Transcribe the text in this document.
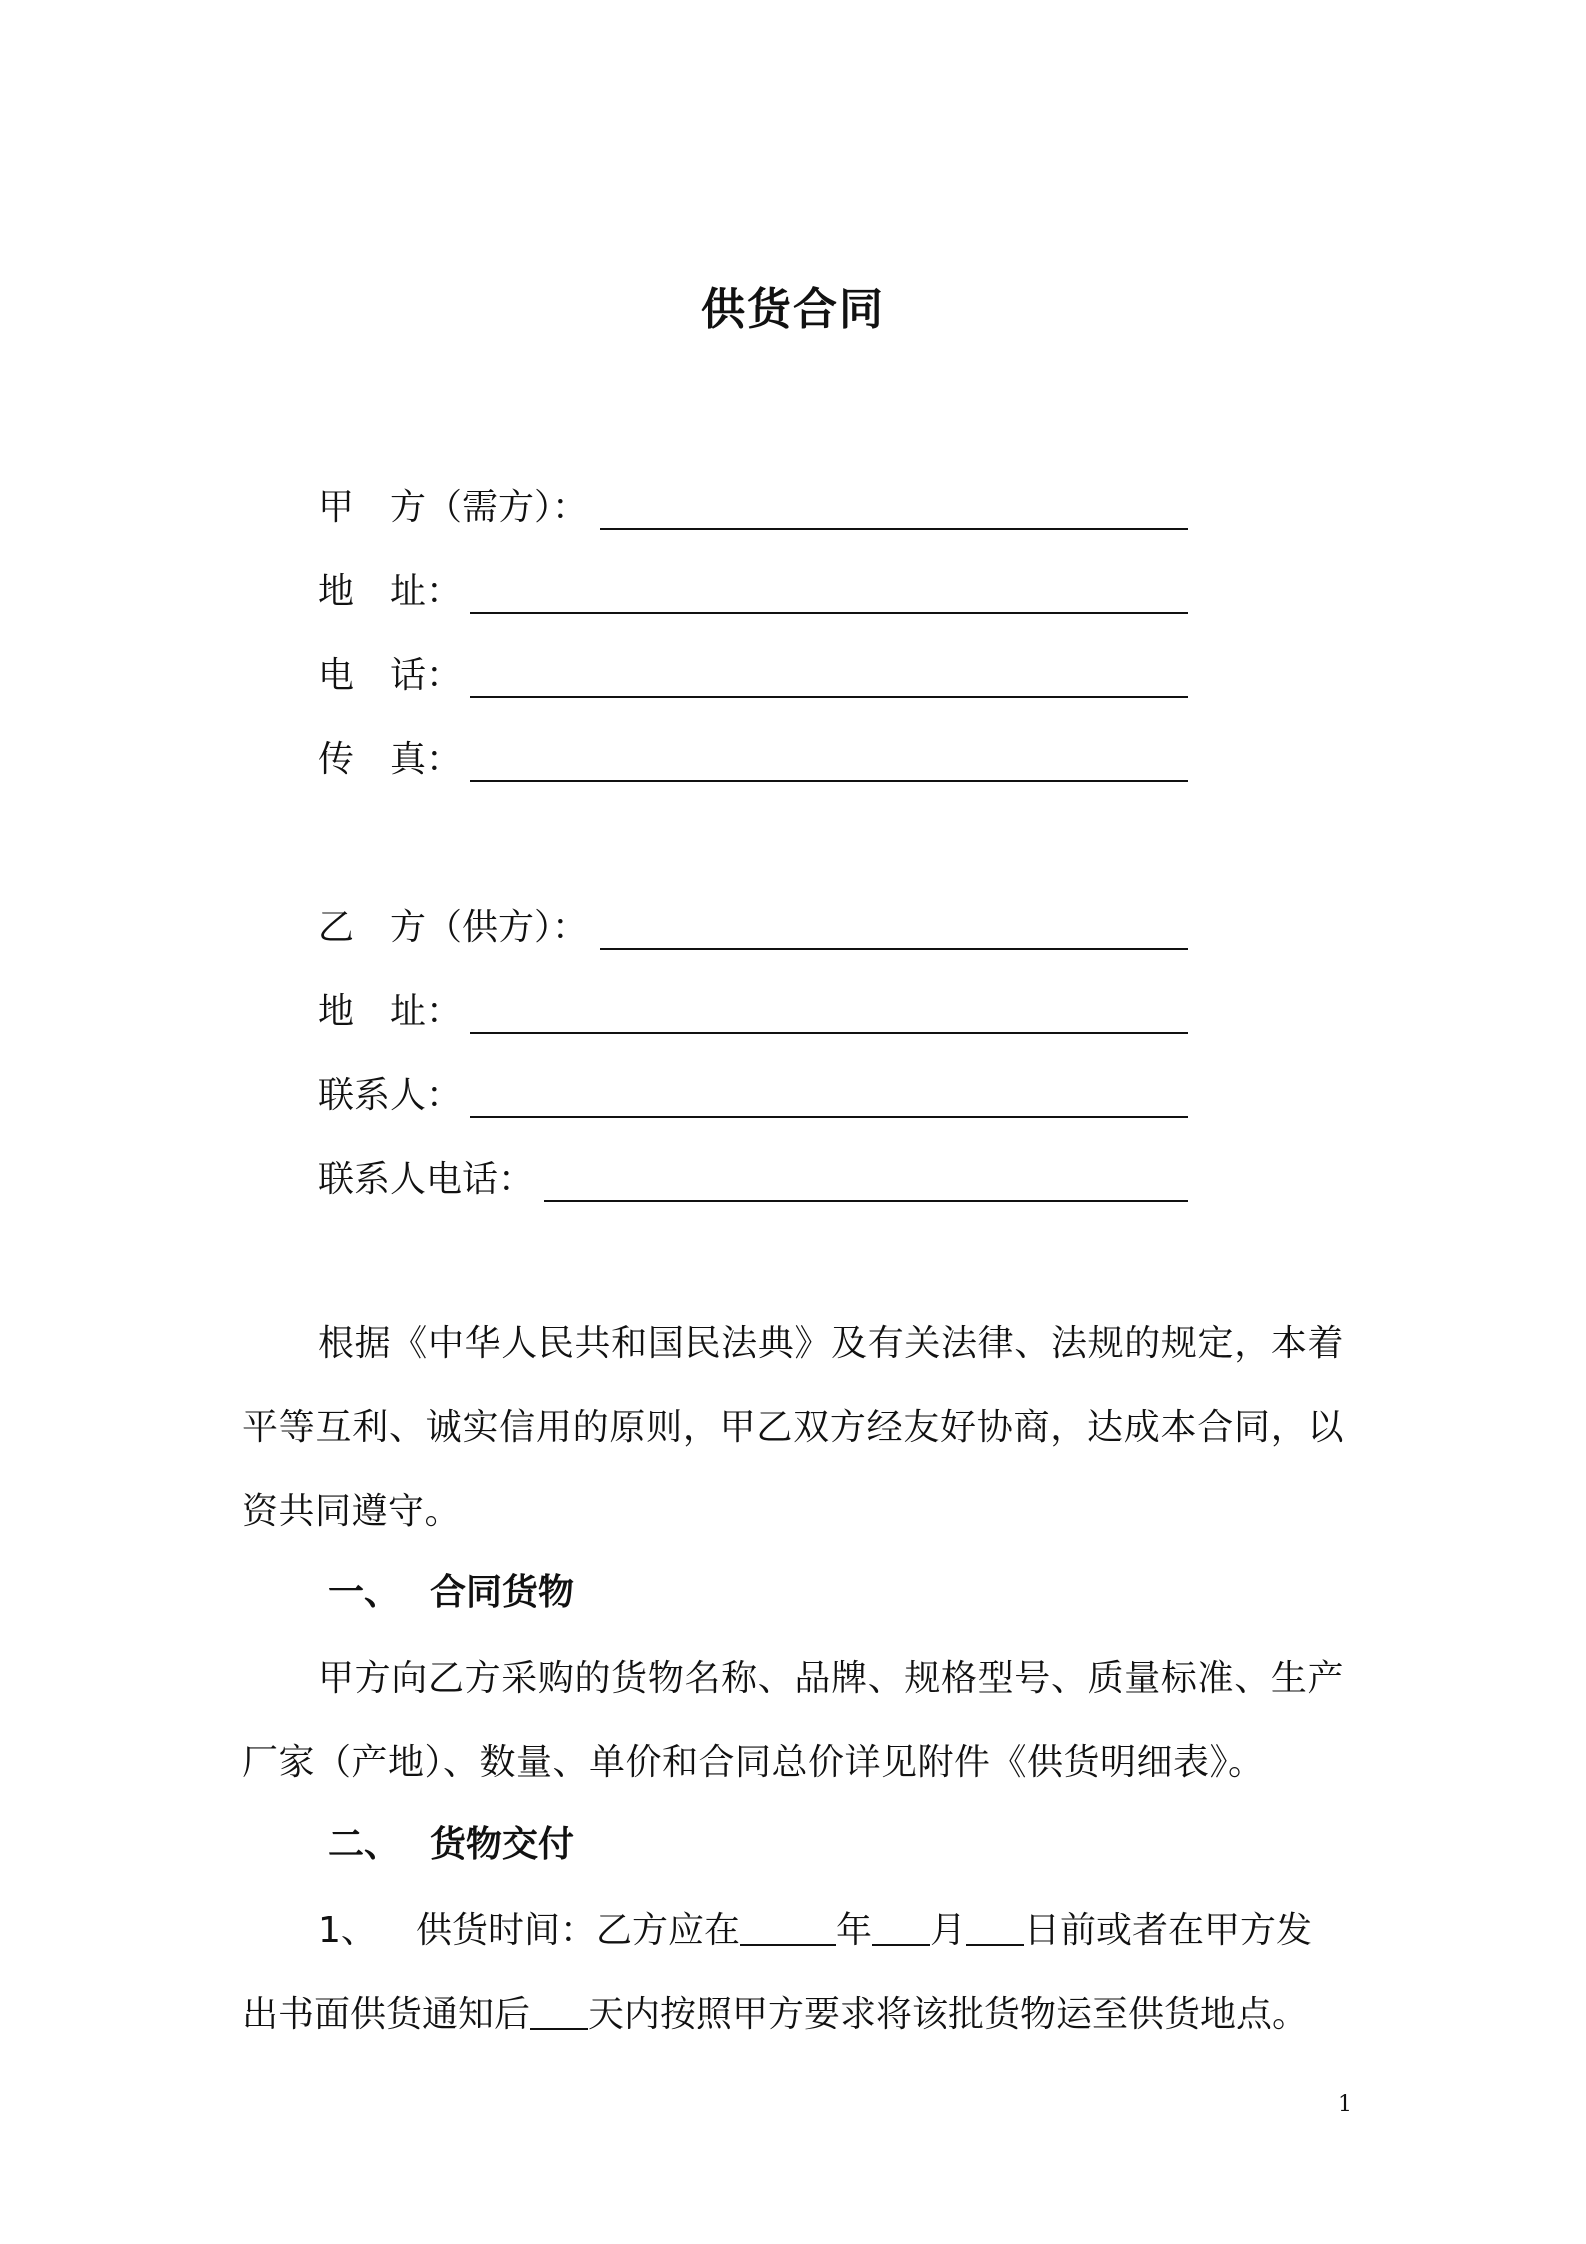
供货合同
甲　方（需方）：
地　址：
电　话：
传　真：
乙　方（供方）：
地　址：
联系人：
联系人电话：

根据《中华人民共和国民法典》及有关法律、法规的规定，本着平等互利、诚实信用的原则，甲乙双方经友好协商，达成本合同，以资共同遵守。

一、 合同货物

甲方向乙方采购的货物名称、品牌、规格型号、质量标准、生产厂家（产地）、数量、单价和合同总价详见附件《供货明细表》。

二、 货物交付

1、 供货时间：乙方应在	年 月 日前或者在甲方发出书面供货通知后 天内按照甲方要求将该批货物运至供货地点。

1
